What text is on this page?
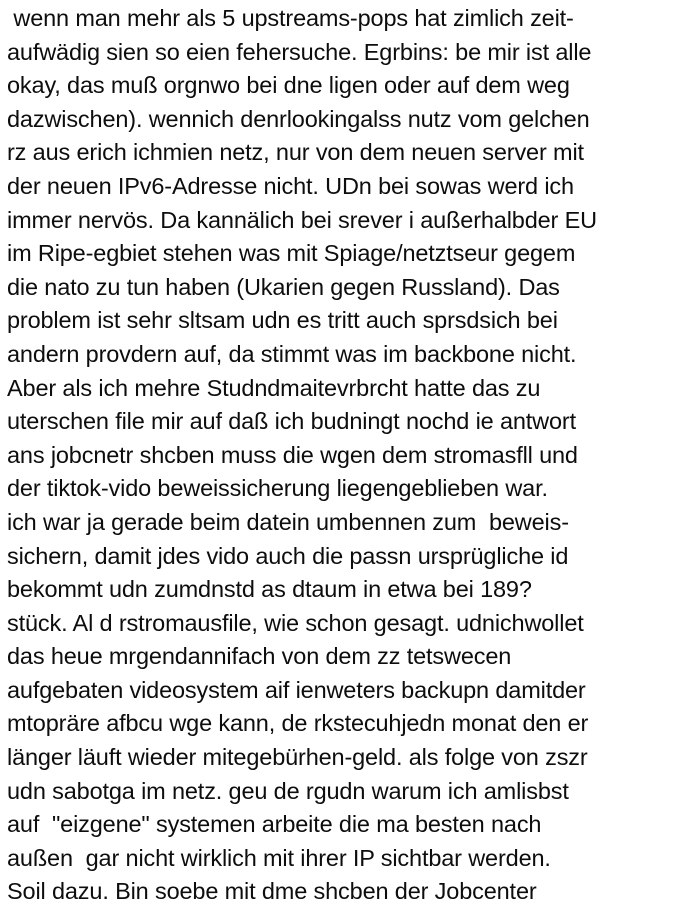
wenn man mehr als 5 upstreams-pops hat zimlich zeit-
aufwädig sien so eien fehersuche. Egrbins: be mir ist alle
okay, das muß orgnwo bei dne ligen oder auf dem weg
dazwischen). wennich denrlookingalss nutz vom gelchen
rz aus erich ichmien netz, nur von dem neuen server mit
der neuen IPv6-Adresse nicht. UDn bei sowas werd ich
immer nervös. Da kannälich bei srever i außerhalbder EU
im Ripe-egbiet stehen was mit Spiage/netztseur gegem
die nato zu tun haben (Ukarien gegen Russland). Das
problem ist sehr sltsam udn es tritt auch sprsdsich bei
andern provdern auf, da stimmt was im backbone nicht.
Aber als ich mehre Studndmaitevrbrcht hatte das zu
uterschen file mir auf daß ich budningt nochd ie antwort
ans jobcnetr shcben muss die wgen dem stromasfll und
der tiktok-vido beweissicherung liegengeblieben war.
ich war ja gerade beim datein umbennen zum  beweis-
sichern, damit jdes vido auch die passn ursprügliche id
bekommt udn zumdnstd as dtaum in etwa bei 189?
stück. Al d rstromausfile, wie schon gesagt. udnichwollet
das heue mrgendannifach von dem zz tetswecen
aufgebaten videosystem aif ienweters backupn damitder
mtopräre afbcu wge kann, de rkstecuhjedn monat den er
länger läuft wieder mitegebürhen-geld. als folge von zszr
udn sabotga im netz. geu de rgudn warum ich amlisbst
auf  "eizgene" systemen arbeite die ma besten nach
außen  gar nicht wirklich mit ihrer IP sichtbar werden.
Soil dazu. Bin soebe mit dme shcben der Jobcenter
